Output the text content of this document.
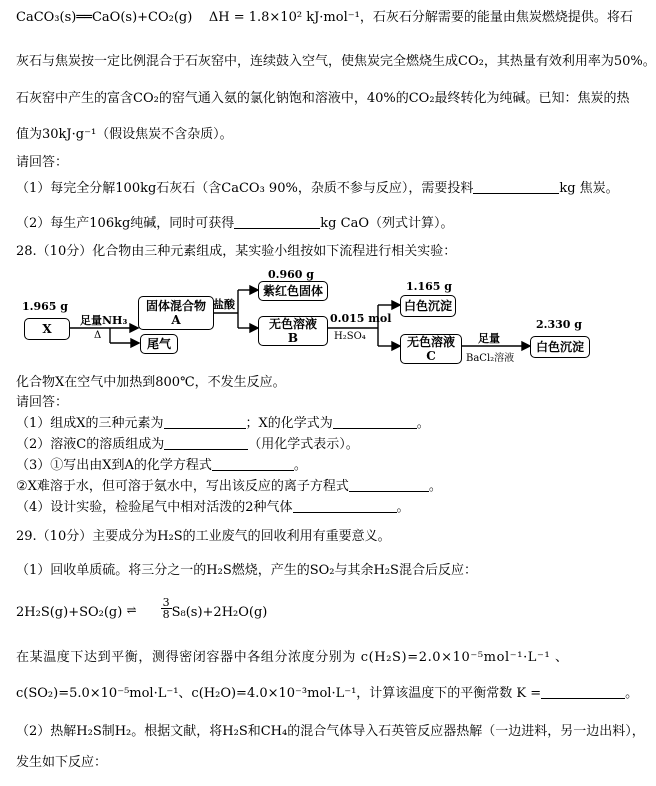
CaCO₃(s)══CaO(s)+CO₂(g) ΔH = 1.8×10² kJ·mol⁻¹，石灰石分解需要的能量由焦炭燃烧提供。将石
灰石与焦炭按一定比例混合于石灰窑中，连续鼓入空气，使焦炭完全燃烧生成CO₂，其热量有效利用率为50%。
石灰窑中产生的富含CO₂的窑气通入氨的氯化钠饱和溶液中，40%的CO₂最终转化为纯碱。已知：焦炭的热
值为30kJ·g⁻¹（假设焦炭不含杂质）。
请回答：
（1）每完全分解100kg石灰石（含CaCO₃ 90%，杂质不参与反应），需要投料	kg 焦炭。
（2）每生产106kg纯碱，同时可获得	kg CaO（列式计算）。
28.（10分）化合物由三种元素组成，某实验小组按如下流程进行相关实验：
1.965 g
X
足量NH₃
Δ
固体混合物
A
尾气
盐酸
0.960 g
紫红色固体
无色溶液
B
0.015 mol
H₂SO₄
1.165 g
白色沉淀
无色溶液
C
足量
BaCl₂溶液
2.330 g
白色沉淀
化合物X在空气中加热到800℃，不发生反应。
请回答：
（1）组成X的三种元素为	；X的化学式为	。
（2）溶液C的溶质组成为	（用化学式表示）。
（3）①写出由X到A的化学方程式	。
②X难溶于水，但可溶于氨水中，写出该反应的离子方程式	。
（4）设计实验，检验尾气中相对活泼的2种气体	。
29.（10分）主要成分为H₂S的工业废气的回收利用有重要意义。
（1）回收单质硫。将三分之一的H₂S燃烧，产生的SO₂与其余H₂S混合后反应：
2H₂S(g)+SO₂(g) ⇌ $\frac{3}{8} S_8(s)+2H_2O(g)$
在某温度下达到平衡，测得密闭容器中各组分浓度分别为 c(H₂S)=2.0×10⁻⁵mol⁻¹·L⁻¹ 、
c(SO₂)=5.0×10⁻⁵mol·L⁻¹、c(H₂O)=4.0×10⁻³mol·L⁻¹，计算该温度下的平衡常数 K =	。
（2）热解H₂S制H₂。根据文献，将H₂S和CH₄的混合气体导入石英管反应器热解（一边进料，另一边出料），
发生如下反应：
